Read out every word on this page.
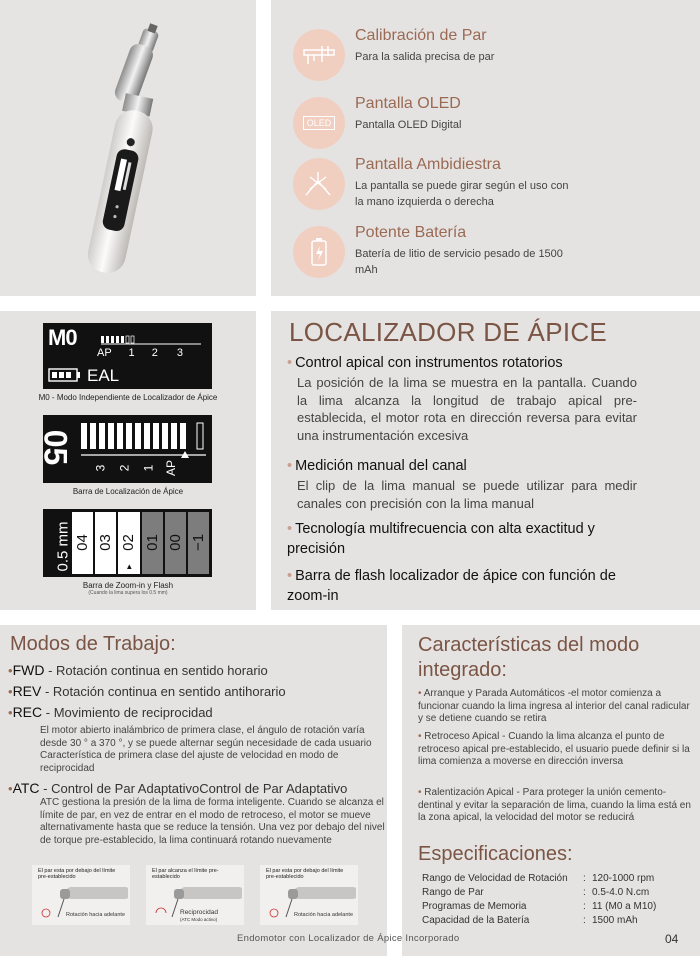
Calibración de Par
Para la salida precisa de par
OLED
Pantalla OLED
Pantalla OLED Digital
Pantalla Ambidiestra
La pantalla se puede girar según el uso con la mano izquierda o derecha
Potente Batería
Batería de litio de servicio pesado de 1500 mAh
M0
AP 1 2 3
EAL
M0 - Modo Independiente de Localizador de Ápice
05
3 2 1 AP
Barra de Localización de Ápice
0.5 mm 04 03 02
▲
01 00 −1
Barra de Zoom-in y Flash
(Cuando la lima supera los 0.5 mm)
LOCALIZADOR DE ÁPICE
• Control apical con instrumentos rotatorios
La posición de la lima se muestra en la pantalla. Cuando la lima alcanza la longitud de trabajo apical pre-establecida, el motor rota en dirección reversa para evitar una instrumentación excesiva
• Medición manual del canal
El clip de la lima manual se puede utilizar para medir canales con precisión con la lima manual
• Tecnología multifrecuencia con alta exactitud y precisión
• Barra de flash localizador de ápice con función de zoom-in
Modos de Trabajo:
•FWD - Rotación continua en sentido horario
•REV - Rotación continua en sentido antihorario
•REC - Movimiento de reciprocidad
El motor abierto inalámbrico de primera clase, el ángulo de rotación varía desde 30 ° a 370 °, y se puede alternar según necesidade de cada usuario Característica de primera clase del ajuste de velocidad en modo de reciprocidad
•ATC - Control de Par AdaptativoControl de Par Adaptativo
ATC gestiona la presión de la lima de forma inteligente. Cuando se alcanza el límite de par, en vez de entrar en el modo de retroceso, el motor se mueve alternativamente hasta que se reduce la tensión. Una vez por debajo del nivel de torque pre-establecido, la lima continuará rotando nuevamente
El par esta por debajo del límite pre-establecido
Rotación hacia adelante
El par alcanza el límite pre-establecido
Reciprocidad
(ATC Modo activo)
El par esta por debajo del límite pre-establecido
Rotación hacia adelante
Características del modo integrado:
• Arranque y Parada Automáticos -el motor comienza a funcionar cuando la lima ingresa al interior del canal radicular y se detiene cuando se retira
• Retroceso Apical - Cuando la lima alcanza el punto de retroceso apical pre-establecido, el usuario puede definir si la lima comienza a moverse en dirección inversa
• Ralentización Apical - Para proteger la unión cemento-dentinal y evitar la separación de lima, cuando la lima está en la zona apical, la velocidad del motor se reducirá
Especificaciones:
Rango de Velocidad de Rotación : 120-1000 rpm
Rango de Par	: 0.5-4.0 N.cm
Programas de Memoria	: 11 (M0 a M10)
Capacidad de la Batería	: 1500 mAh
Endomotor con Localizador de Ápice Incorporado	04
